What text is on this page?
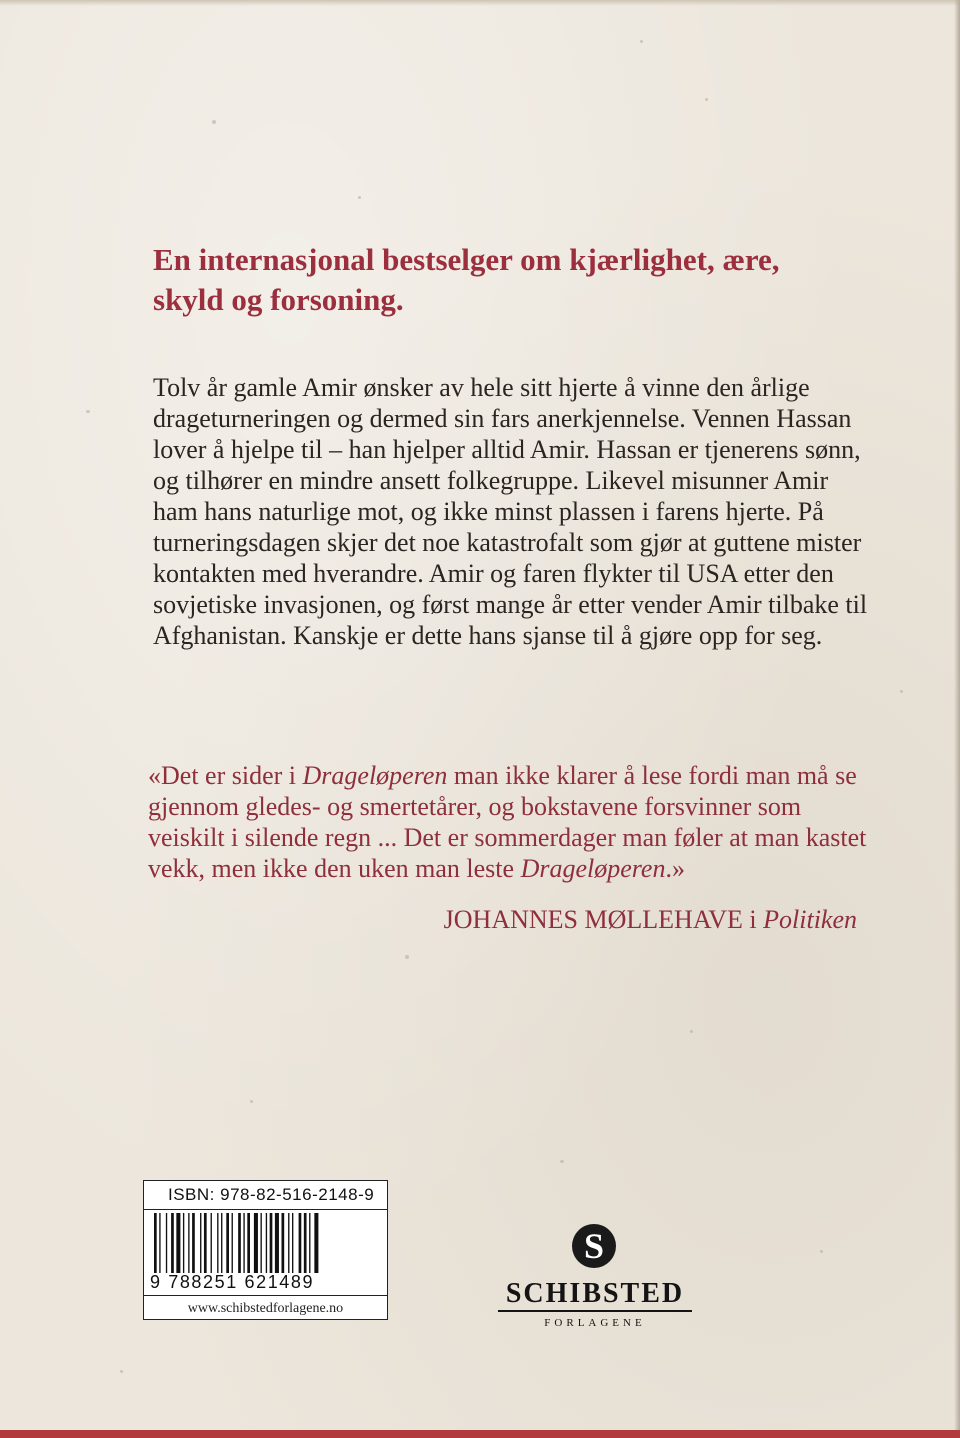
En internasjonal bestselger om kjærlighet, ære, skyld og forsoning.

Tolv år gamle Amir ønsker av hele sitt hjerte å vinne den årlige drageturneringen og dermed sin fars anerkjennelse. Vennen Hassan lover å hjelpe til – han hjelper alltid Amir. Hassan er tjenerens sønn, og tilhører en mindre ansett folkegruppe. Likevel misunner Amir ham hans naturlige mot, og ikke minst plassen i farens hjerte. På turneringsdagen skjer det noe katastrofalt som gjør at guttene mister kontakten med hverandre. Amir og faren flykter til USA etter den sovjetiske invasjonen, og først mange år etter vender Amir tilbake til Afghanistan. Kanskje er dette hans sjanse til å gjøre opp for seg.

«Det er sider i Drageløperen man ikke klarer å lese fordi man må se gjennom gledes- og smertetårer, og bokstavene forsvinner som veiskilt i silende regn ... Det er sommerdager man føler at man kastet vekk, men ikke den uken man leste Drageløperen.»

JOHANNES MØLLEHAVE i Politiken

ISBN: 978-82-516-2148-9
9 788251 621489
www.schibstedforlagene.no
S
SCHIBSTED
FORLAGENE
